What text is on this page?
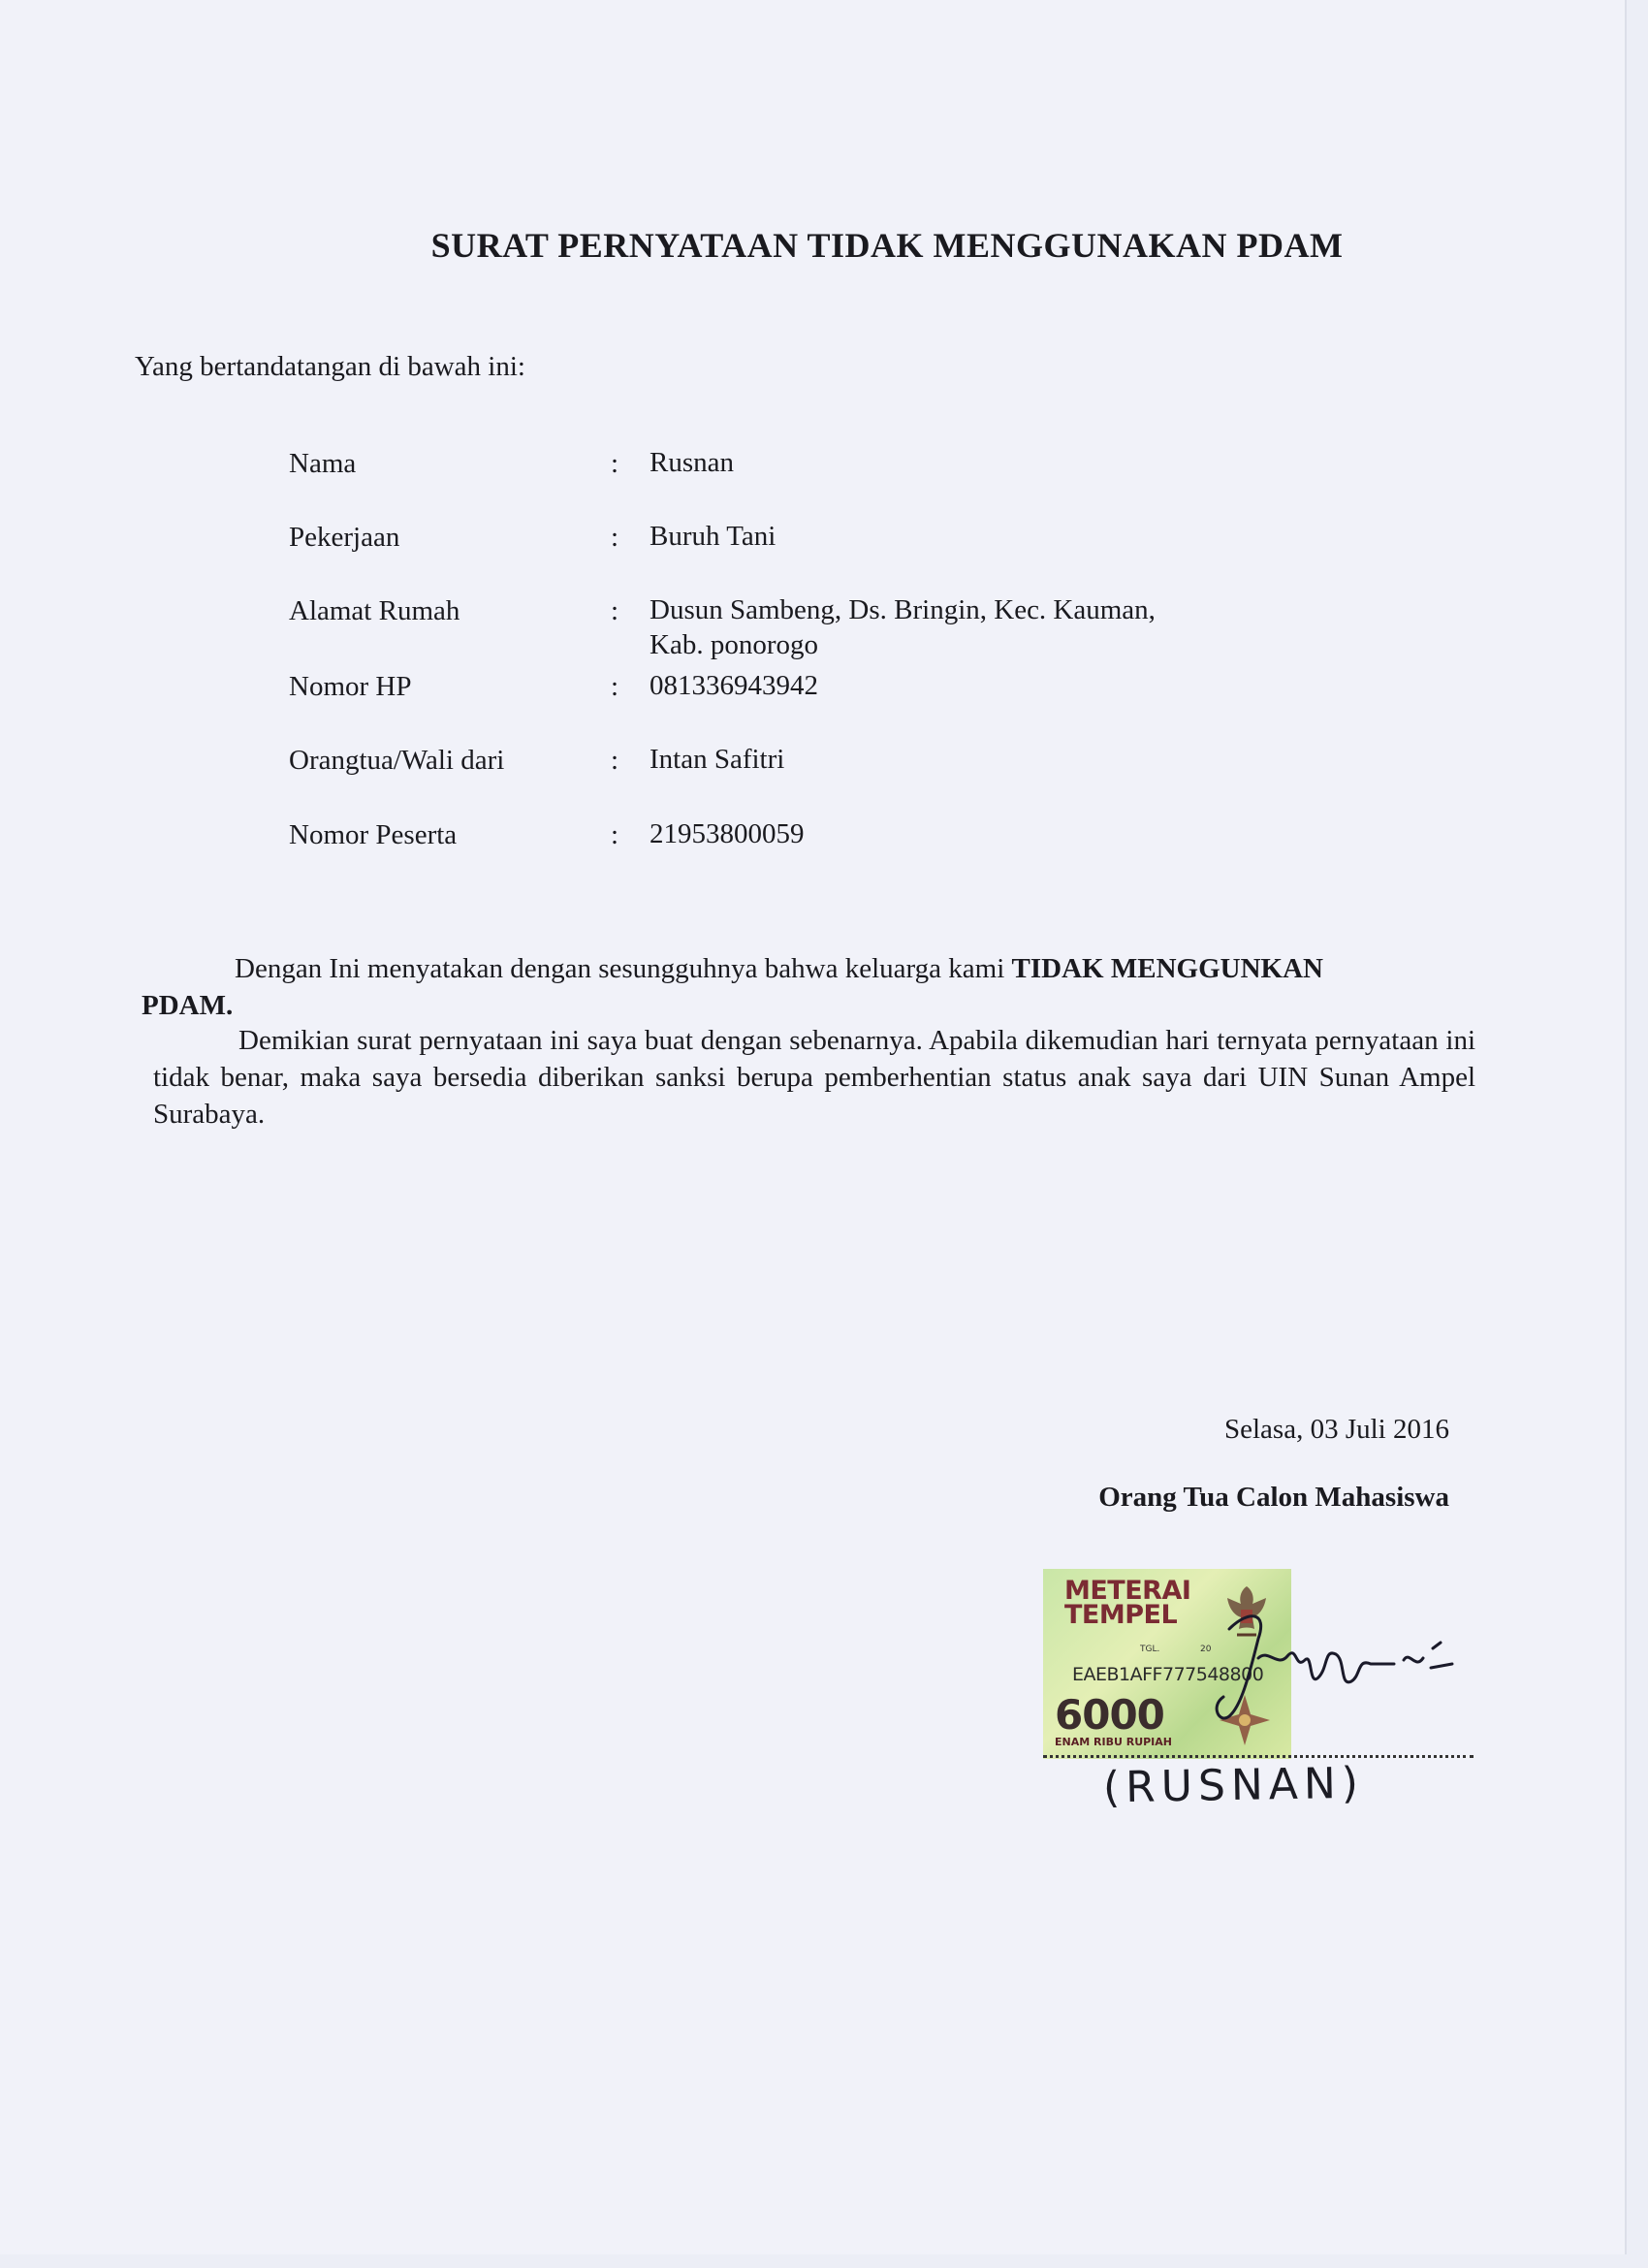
SURAT PERNYATAAN TIDAK MENGGUNAKAN PDAM
Yang bertandatangan di bawah ini:
Nama	: Rusnan
Pekerjaan	: Buruh Tani
Alamat Rumah	: Dusun Sambeng, Ds. Bringin, Kec. Kauman,
Kab. ponorogo
Nomor HP	: 081336943942
Orangtua/Wali dari	: Intan Safitri
Nomor Peserta	: 21953800059
Dengan Ini menyatakan dengan sesungguhnya bahwa keluarga kami TIDAK MENGGUNKAN
PDAM.
Demikian surat pernyataan ini saya buat dengan sebenarnya. Apabila dikemudian hari ternyata pernyataan ini tidak benar, maka saya bersedia diberikan sanksi berupa pemberhentian status anak saya dari UIN Sunan Ampel Surabaya.
Selasa, 03 Juli 2016
Orang Tua Calon Mahasiswa
METERAI
TEMPEL
TGL.	20
EAEB1AFF777548800
6000
ENAM RIBU RUPIAH
(RUSNAN)
